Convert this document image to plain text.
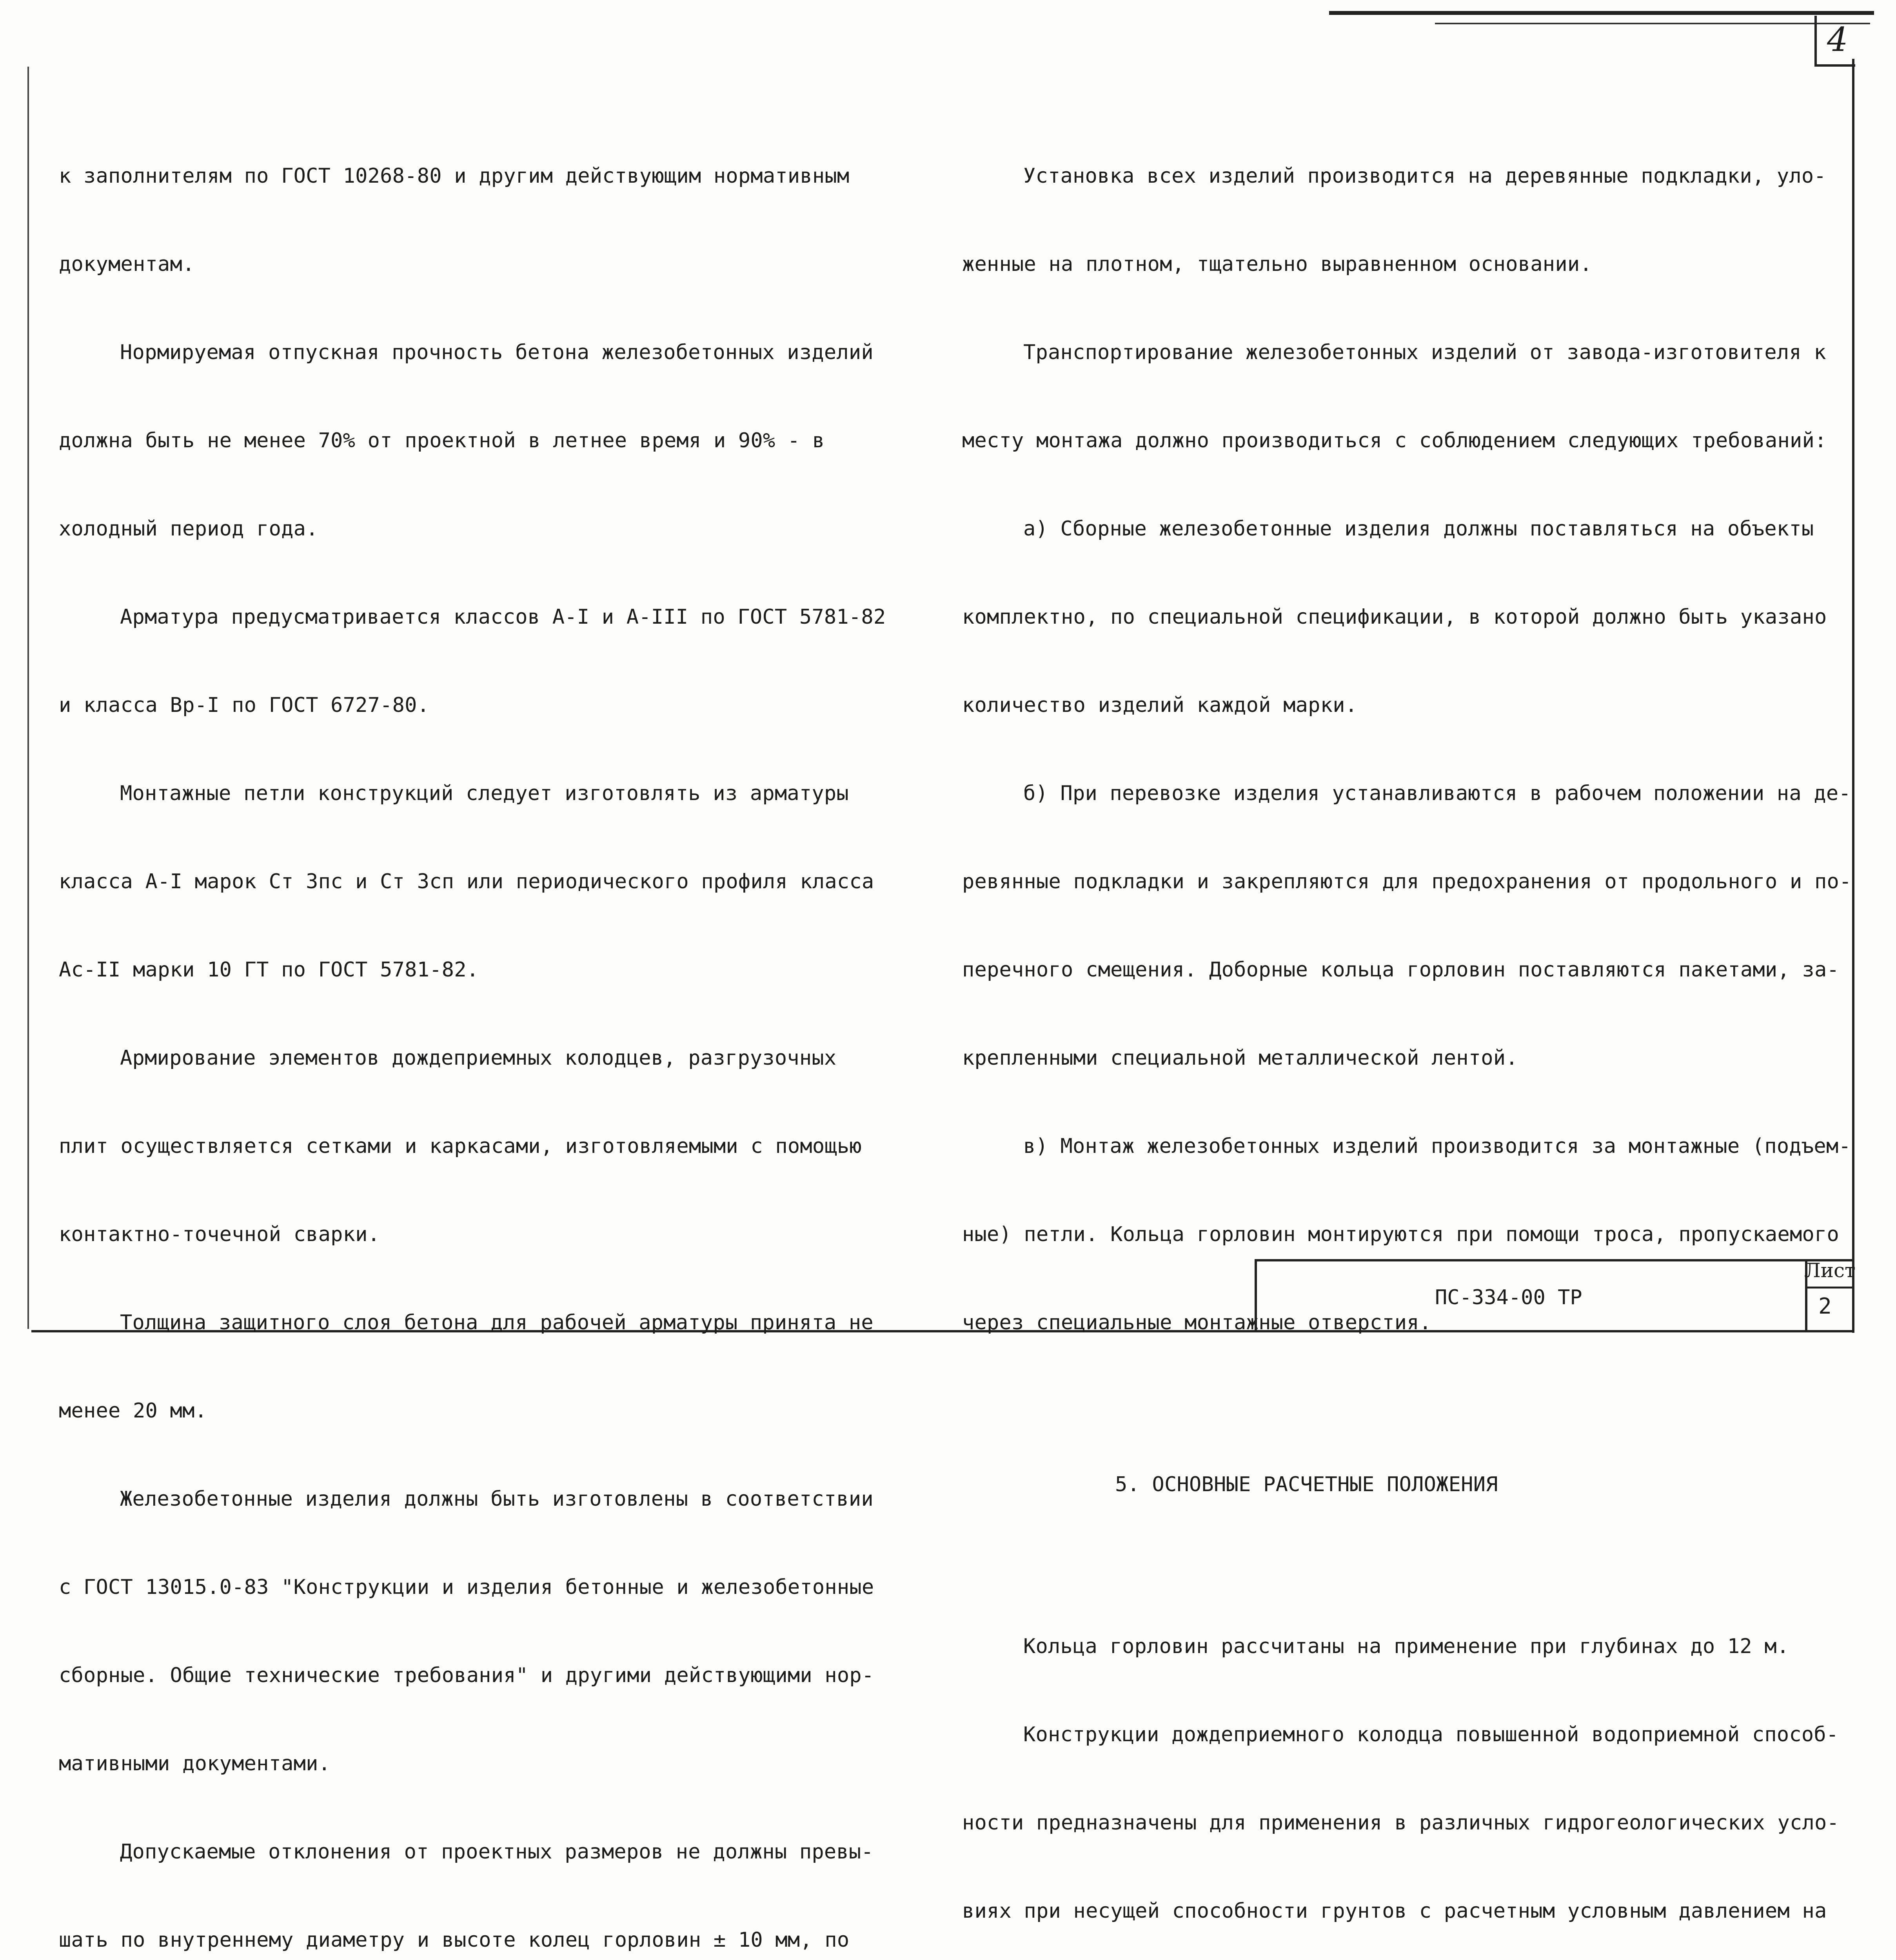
4

к заполнителям по ГОСТ 10268-80 и другим действующим нормативным

документам.

Нормируемая отпускная прочность бетона железобетонных изделий

должна быть не менее 70% от проектной в летнее время и 90% - в

холодный период года.

Арматура предусматривается классов А-I и А-III по ГОСТ 5781-82

и класса Вр-I по ГОСТ 6727-80.

Монтажные петли конструкций следует изготовлять из арматуры

класса А-I марок Ст 3пс и Ст 3сп или периодического профиля класса

Ас-II марки 10 ГТ по ГОСТ 5781-82.

Армирование элементов дождеприемных колодцев, разгрузочных

плит осуществляется сетками и каркасами, изготовляемыми с помощью

контактно-точечной сварки.

Толщина защитного слоя бетона для рабочей арматуры принята не

менее 20 мм.

Железобетонные изделия должны быть изготовлены в соответствии

с ГОСТ 13015.0-83 "Конструкции и изделия бетонные и железобетонные

сборные. Общие технические требования" и другими действующими нор-

мативными документами.

Допускаемые отклонения от проектных размеров не должны превы-

шать по внутреннему диаметру и высоте колец горловин ± 10 мм, по

Установка всех изделий производится на деревянные подкладки, уло-

женные на плотном, тщательно выравненном основании.

Транспортирование железобетонных изделий от завода-изготовителя к

месту монтажа должно производиться с соблюдением следующих требований:

а) Сборные железобетонные изделия должны поставляться на объекты

комплектно, по специальной спецификации, в которой должно быть указано

количество изделий каждой марки.

б) При перевозке изделия устанавливаются в рабочем положении на де-

ревянные подкладки и закрепляются для предохранения от продольного и по-

перечного смещения. Доборные кольца горловин поставляются пакетами, за-

крепленными специальной металлической лентой.

в) Монтаж железобетонных изделий производится за монтажные (подъем-

ные) петли. Кольца горловин монтируются при помощи троса, пропускаемого

через специальные монтажные отверстия.

5. ОСНОВНЫЕ РАСЧЕТНЫЕ ПОЛОЖЕНИЯ

Кольца горловин рассчитаны на применение при глубинах до 12 м.

Конструкции дождеприемного колодца повышенной водоприемной способ-

ности предназначены для применения в различных гидрогеологических усло-

виях при несущей способности грунтов с расчетным условным давлением на

ПС-334-00 ТР
Лист
2
